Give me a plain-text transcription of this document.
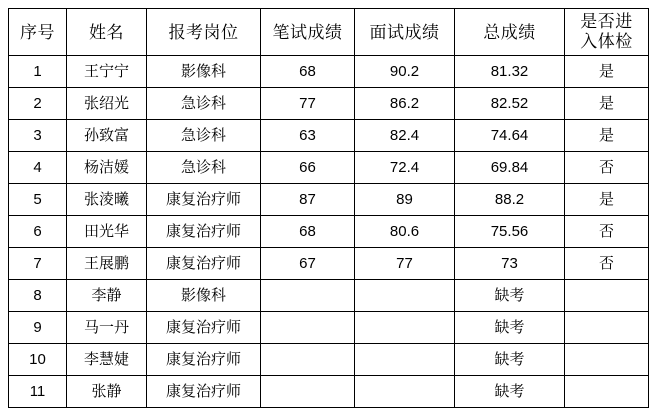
序号	姓名	报考岗位	笔试成绩	面试成绩	总成绩	是否进
入体检

1	王宁宁	影像科	68	90.2	81.32	是
2	张绍光	急诊科	77	86.2	82.52	是
3	孙致富	急诊科	63	82.4	74.64	是
4	杨洁媛	急诊科	66	72.4	69.84	否
5	张淩曦	康复治疗师	87	89	88.2	是
6	田光华	康复治疗师	68	80.6	75.56	否
7	王展鹏	康复治疗师	67	77	73	否
8	李静	影像科			缺考	
9	马一丹	康复治疗师			缺考	
10	李慧婕	康复治疗师			缺考	
11	张静	康复治疗师			缺考	
